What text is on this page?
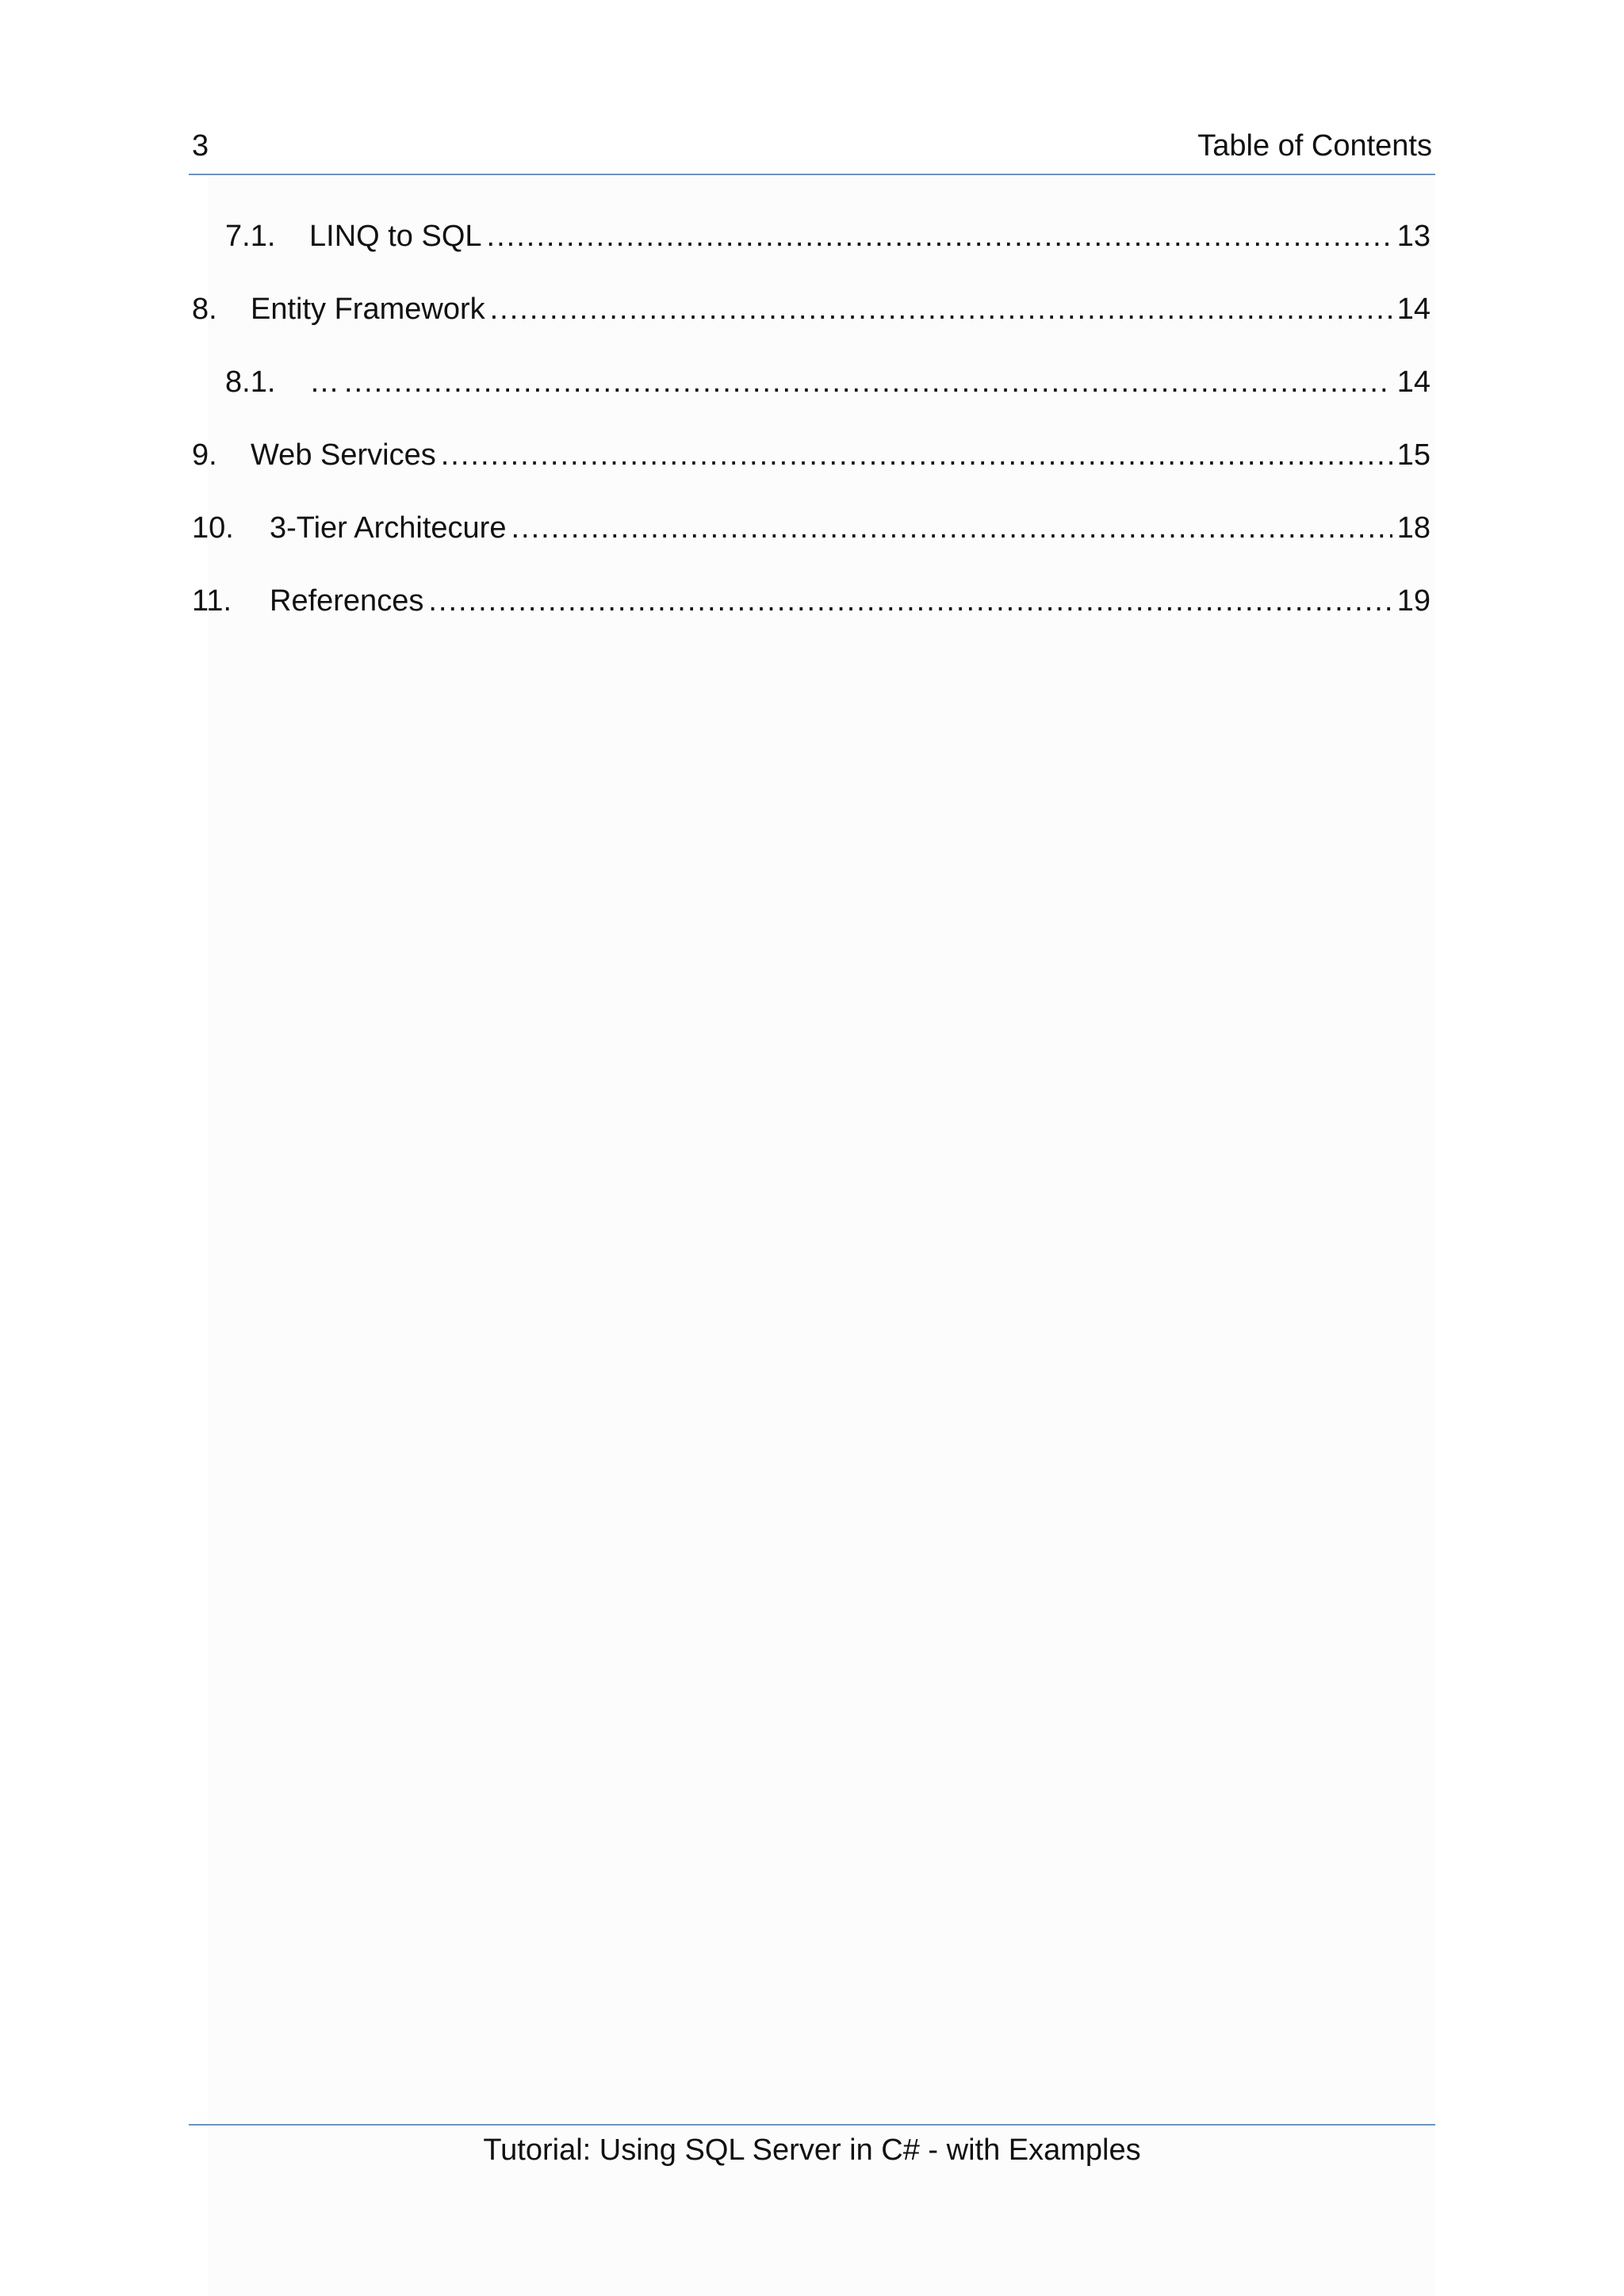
3	Table of Contents
7.1.	LINQ to SQL .....	13
8.	Entity Framework .....	14
8.1.	… .....	14
9.	Web Services .....	15
10.	3-Tier Architecure .....	18
11.	References .....	19
Tutorial: Using SQL Server in C# - with Examples
